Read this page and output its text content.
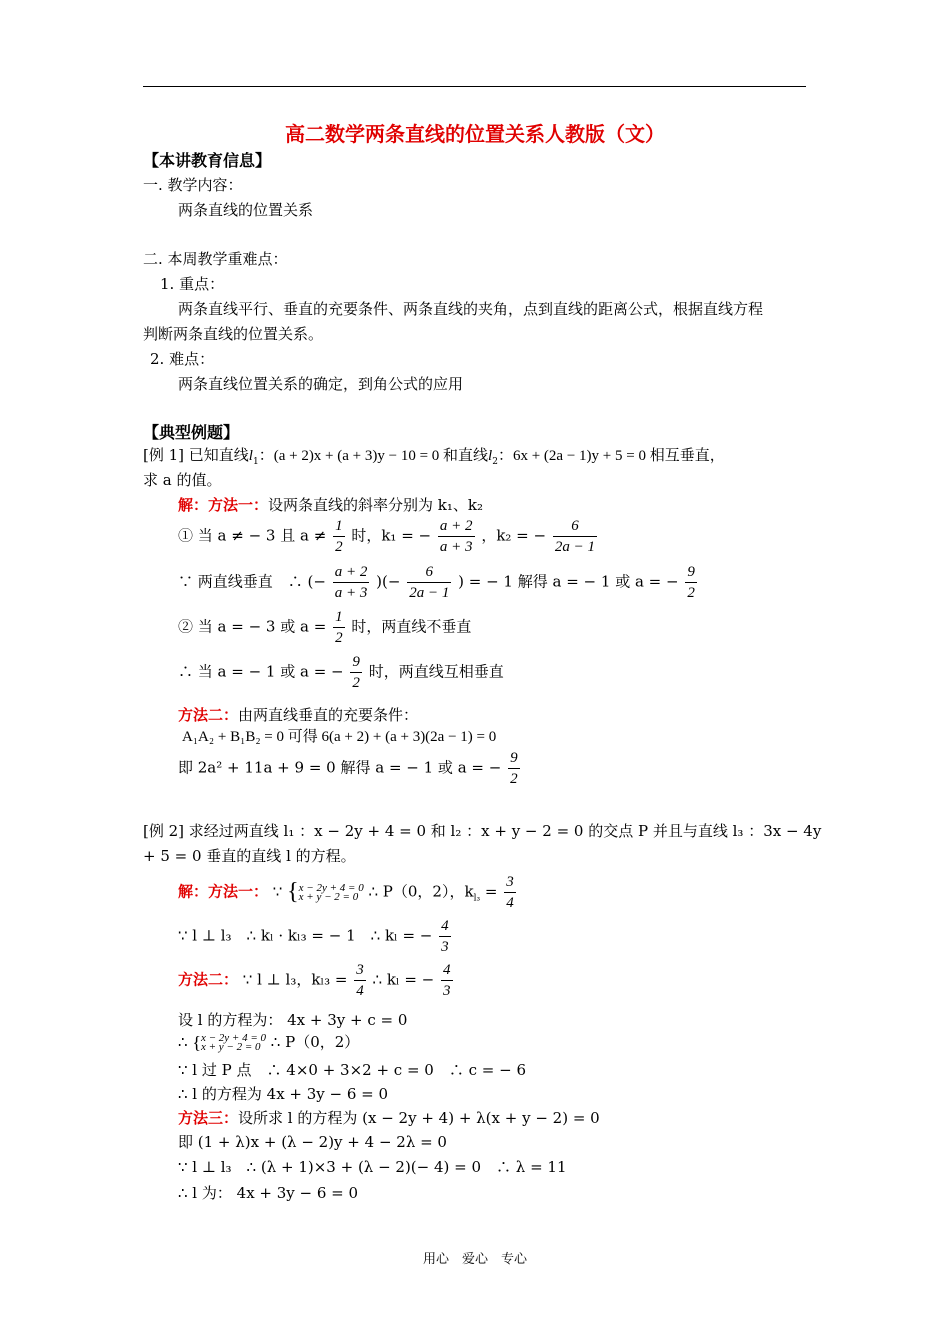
高二数学两条直线的位置关系人教版（文）
【本讲教育信息】
一. 教学内容：
两条直线的位置关系
二. 本周教学重难点：
1. 重点：
两条直线平行、垂直的充要条件、两条直线的夹角，点到直线的距离公式，根据直线方程
判断两条直线的位置关系。
2. 难点：
两条直线位置关系的确定，到角公式的应用
【典型例题】
[例 1] 已知直线$l_1$：(a + 2)x + (a + 3)y − 10 = 0 和直线$l_2$：6x + (2a − 1)y + 5 = 0 相互垂直，
求 a 的值。
解：方法一：设两条直线的斜率分别为 k₁、k₂
① 当 a ≠ − 3 且 $a \ne \frac{1}{2}$ 时，k₁ = − $\frac{a + 2}{a + 3}$ ，k₂ = − $\frac{6}{2a - 1}$
∵ 两直线垂直　∴ (− $\frac{a + 2}{a + 3}$ )(− $\frac{6}{2a - 1}$ ) = − 1 解得 a = − 1 或 a = − $\frac{9}{2}$
② 当 a = − 3 或 $a = \frac{1}{2}$ 时，两直线不垂直
∴ 当 a = − 1 或 a = − $\frac{9}{2}$ 时，两直线互相垂直
方法二：由两直线垂直的充要条件：
A₁A₂ + B₁B₂ = 0 可得 6(a + 2) + (a + 3)(2a − 1) = 0
即 2a² + 11a + 9 = 0 解得 a = − 1 或 a = − $\frac{9}{2}$
[例 2] 求经过两直线 l₁ ：x − 2y + 4 = 0 和 l₂ ：x + y − 2 = 0 的交点 P 并且与直线 l₃ ：3x − 4y
+ 5 = 0 垂直的直线 l 的方程。
解：方法一： ∵ { x − 2y + 4 = 0
x + y − 2 = 0 ∴ P（0，2），$k_{l_3} = \frac{3}{4}$
∵ l ⊥ l₃　∴ kₗ · kₗ₃ = − 1　∴ kₗ = − $\frac{4}{3}$
方法二： ∵ l ⊥ l₃，$k_{l3} = \frac{3}{4}$ ∴ kₗ = − $\frac{4}{3}$
设 l 的方程为： 4x + 3y + c = 0
∴ { x − 2y + 4 = 0
x + y − 2 = 0 ∴ P（0，2）
∵ l 过 P 点　∴ 4×0 + 3×2 + c = 0　∴ c = − 6
∴ l 的方程为 4x + 3y − 6 = 0
方法三：设所求 l 的方程为 (x − 2y + 4) + λ(x + y − 2) = 0
即 (1 + λ)x + (λ − 2)y + 4 − 2λ = 0
∵ l ⊥ l₃　∴ (λ + 1)×3 + (λ − 2)(− 4) = 0　∴ λ = 11
∴ l 为： 4x + 3y − 6 = 0
用心　爱心　专心
